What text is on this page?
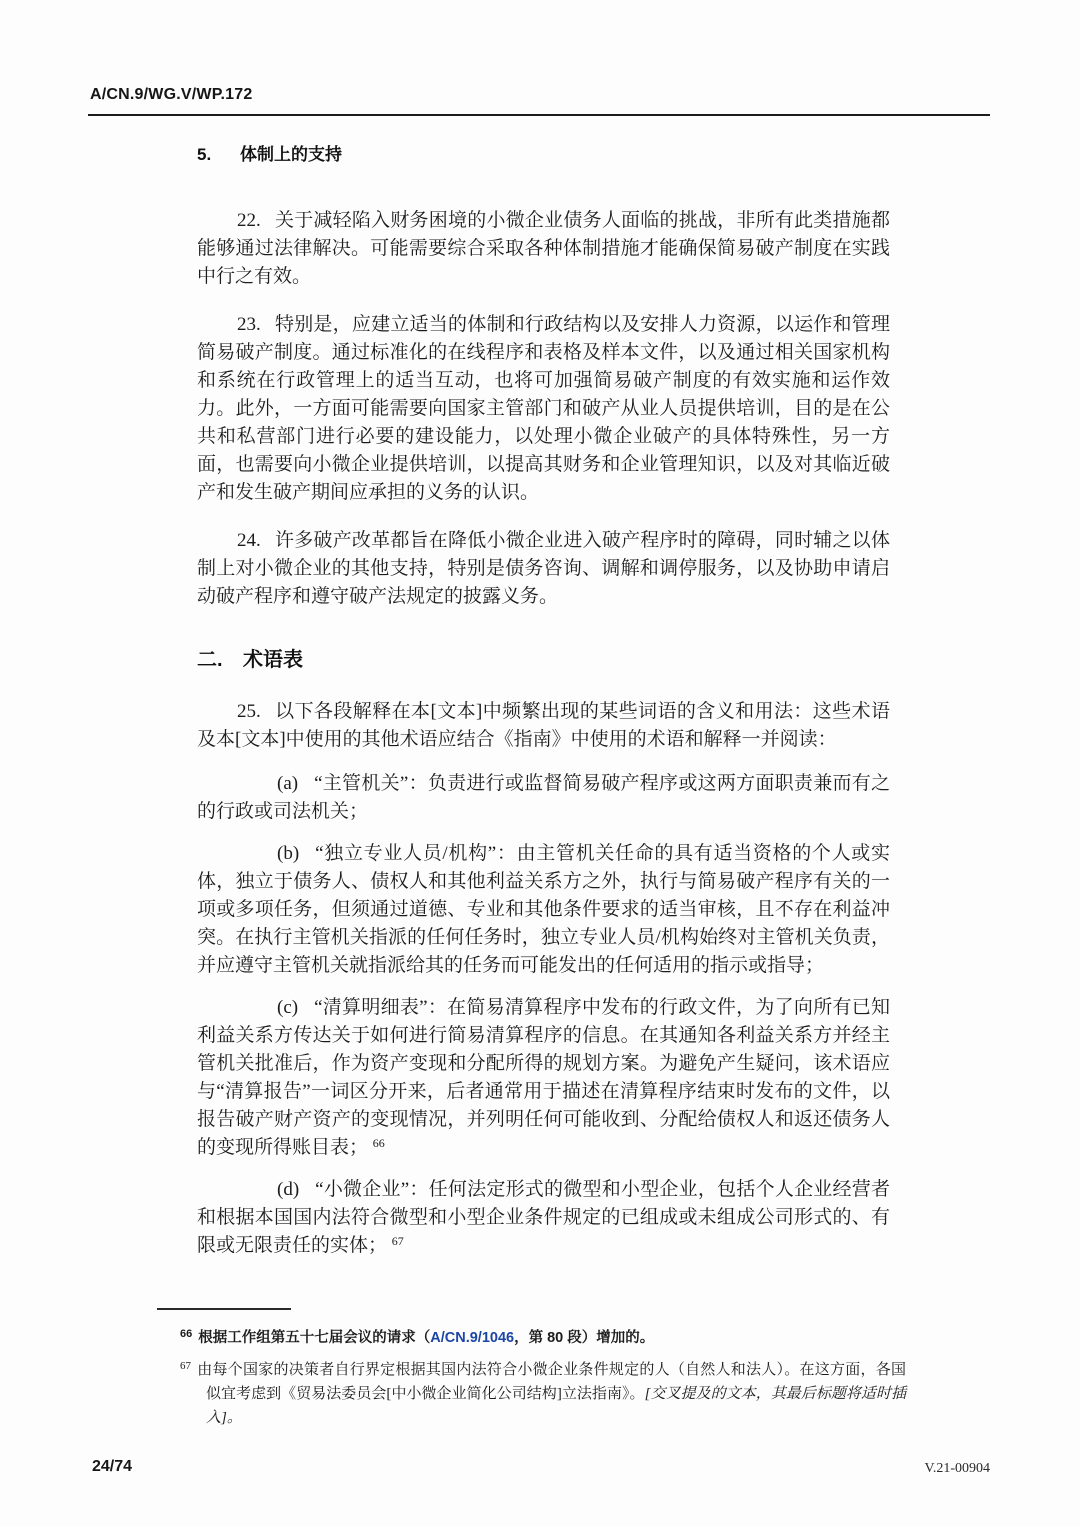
A/CN.9/WG.V/WP.172
5. 体制上的支持

22. 关于减轻陷入财务困境的小微企业债务人面临的挑战，非所有此类措施都能够通过法律解决。可能需要综合采取各种体制措施才能确保简易破产制度在实践中行之有效。

23. 特别是，应建立适当的体制和行政结构以及安排人力资源，以运作和管理简易破产制度。通过标准化的在线程序和表格及样本文件，以及通过相关国家机构和系统在行政管理上的适当互动，也将可加强简易破产制度的有效实施和运作效力。此外，一方面可能需要向国家主管部门和破产从业人员提供培训，目的是在公共和私营部门进行必要的建设能力，以处理小微企业破产的具体特殊性，另一方面，也需要向小微企业提供培训，以提高其财务和企业管理知识，以及对其临近破产和发生破产期间应承担的义务的认识。

24. 许多破产改革都旨在降低小微企业进入破产程序时的障碍，同时辅之以体制上对小微企业的其他支持，特别是债务咨询、调解和调停服务，以及协助申请启动破产程序和遵守破产法规定的披露义务。

二. 术语表

25. 以下各段解释在本[文本]中频繁出现的某些词语的含义和用法：这些术语及本[文本]中使用的其他术语应结合《指南》中使用的术语和解释一并阅读：

(a) “主管机关”：负责进行或监督简易破产程序或这两方面职责兼而有之的行政或司法机关；

(b) “独立专业人员/机构”：由主管机关任命的具有适当资格的个人或实体，独立于债务人、债权人和其他利益关系方之外，执行与简易破产程序有关的一项或多项任务，但须通过道德、专业和其他条件要求的适当审核，且不存在利益冲突。在执行主管机关指派的任何任务时，独立专业人员/机构始终对主管机关负责，并应遵守主管机关就指派给其的任务而可能发出的任何适用的指示或指导；

(c) “清算明细表”：在简易清算程序中发布的行政文件，为了向所有已知利益关系方传达关于如何进行简易清算程序的信息。在其通知各利益关系方并经主管机关批准后，作为资产变现和分配所得的规划方案。为避免产生疑问，该术语应与“清算报告”一词区分开来，后者通常用于描述在清算程序结束时发布的文件，以报告破产财产资产的变现情况，并列明任何可能收到、分配给债权人和返还债务人的变现所得账目表； $^{66}$

(d) “小微企业”：任何法定形式的微型和小型企业，包括个人企业经营者和根据本国国内法符合微型和小型企业条件规定的已组成或未组成公司形式的、有限或无限责任的实体； $^{67}$

$^{66}$ 根据工作组第五十七届会议的请求（A/CN.9/1046，第 80 段）增加的。
$^{67}$ 由每个国家的决策者自行界定根据其国内法符合小微企业条件规定的人（自然人和法人）。在这方面，各国似宜考虑到《贸易法委员会[中小微企业简化公司结构]立法指南》。[交叉提及的文本，其最后标题将适时插入]。
24/74	V.21-00904
